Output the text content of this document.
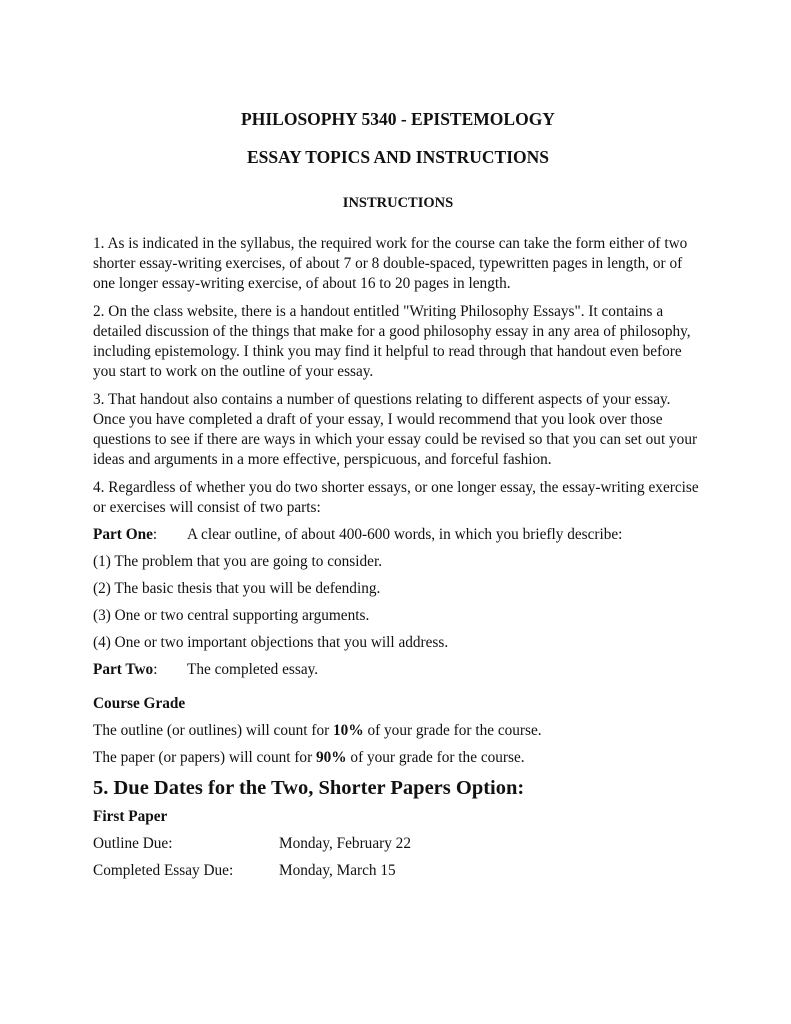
PHILOSOPHY 5340 - EPISTEMOLOGY
ESSAY TOPICS AND INSTRUCTIONS
INSTRUCTIONS

1. As is indicated in the syllabus, the required work for the course can take the form either of two shorter essay-writing exercises, of about 7 or 8 double-spaced, typewritten pages in length, or of one longer essay-writing exercise, of about 16 to 20 pages in length.

2. On the class website, there is a handout entitled "Writing Philosophy Essays". It contains a detailed discussion of the things that make for a good philosophy essay in any area of philosophy, including epistemology. I think you may find it helpful to read through that handout even before you start to work on the outline of your essay.

3. That handout also contains a number of questions relating to different aspects of your essay. Once you have completed a draft of your essay, I would recommend that you look over those questions to see if there are ways in which your essay could be revised so that you can set out your ideas and arguments in a more effective, perspicuous, and forceful fashion.

4. Regardless of whether you do two shorter essays, or one longer essay, the essay-writing exercise or exercises will consist of two parts:

Part One: A clear outline, of about 400-600 words, in which you briefly describe:
(1) The problem that you are going to consider.
(2) The basic thesis that you will be defending.
(3) One or two central supporting arguments.
(4) One or two important objections that you will address.
Part Two: The completed essay.
Course Grade
The outline (or outlines) will count for 10% of your grade for the course.
The paper (or papers) will count for 90% of your grade for the course.
5. Due Dates for the Two, Shorter Papers Option:
First Paper
Outline Due:	Monday, February 22
Completed Essay Due:	Monday, March 15
